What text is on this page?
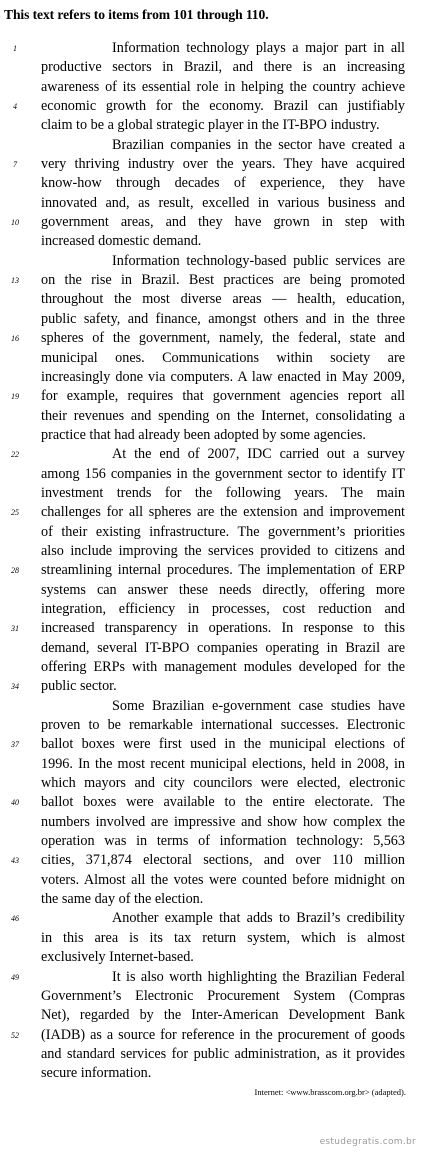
This text refers to items from 101 through 110.
1	Information technology plays a major part in all
productive sectors in Brazil, and there is an increasing
awareness of its essential role in helping the country achieve
4	economic growth for the economy. Brazil can justifiably
claim to be a global strategic player in the IT-BPO industry.
Brazilian companies in the sector have created a
7	very thriving industry over the years. They have acquired
know-how through decades of experience, they have
innovated and, as result, excelled in various business and
10	government areas, and they have grown in step with
increased domestic demand.
Information technology-based public services are
13	on the rise in Brazil. Best practices are being promoted
throughout the most diverse areas — health, education,
public safety, and finance, amongst others and in the three
16	spheres of the government, namely, the federal, state and
municipal ones. Communications within society are
increasingly done via computers. A law enacted in May 2009,
19	for example, requires that government agencies report all
their revenues and spending on the Internet, consolidating a
practice that had already been adopted by some agencies.
22	At the end of 2007, IDC carried out a survey
among 156 companies in the government sector to identify IT
investment trends for the following years. The main
25	challenges for all spheres are the extension and improvement
of their existing infrastructure. The government’s priorities
also include improving the services provided to citizens and
28	streamlining internal procedures. The implementation of ERP
systems can answer these needs directly, offering more
integration, efficiency in processes, cost reduction and
31	increased transparency in operations. In response to this
demand, several IT-BPO companies operating in Brazil are
offering ERPs with management modules developed for the
34	public sector.
Some Brazilian e-government case studies have
proven to be remarkable international successes. Electronic
37	ballot boxes were first used in the municipal elections of
1996. In the most recent municipal elections, held in 2008, in
which mayors and city councilors were elected, electronic
40	ballot boxes were available to the entire electorate. The
numbers involved are impressive and show how complex the
operation was in terms of information technology: 5,563
43	cities, 371,874 electoral sections, and over 110 million
voters. Almost all the votes were counted before midnight on
the same day of the election.
46	Another example that adds to Brazil’s credibility
in this area is its tax return system, which is almost
exclusively Internet-based.
49	It is also worth highlighting the Brazilian Federal
Government’s Electronic Procurement System (Compras
Net), regarded by the Inter-American Development Bank
52	(IADB) as a source for reference in the procurement of goods
and standard services for public administration, as it provides
secure information.
Internet: <www.brasscom.org.br> (adapted).
estudegratis.com.br
